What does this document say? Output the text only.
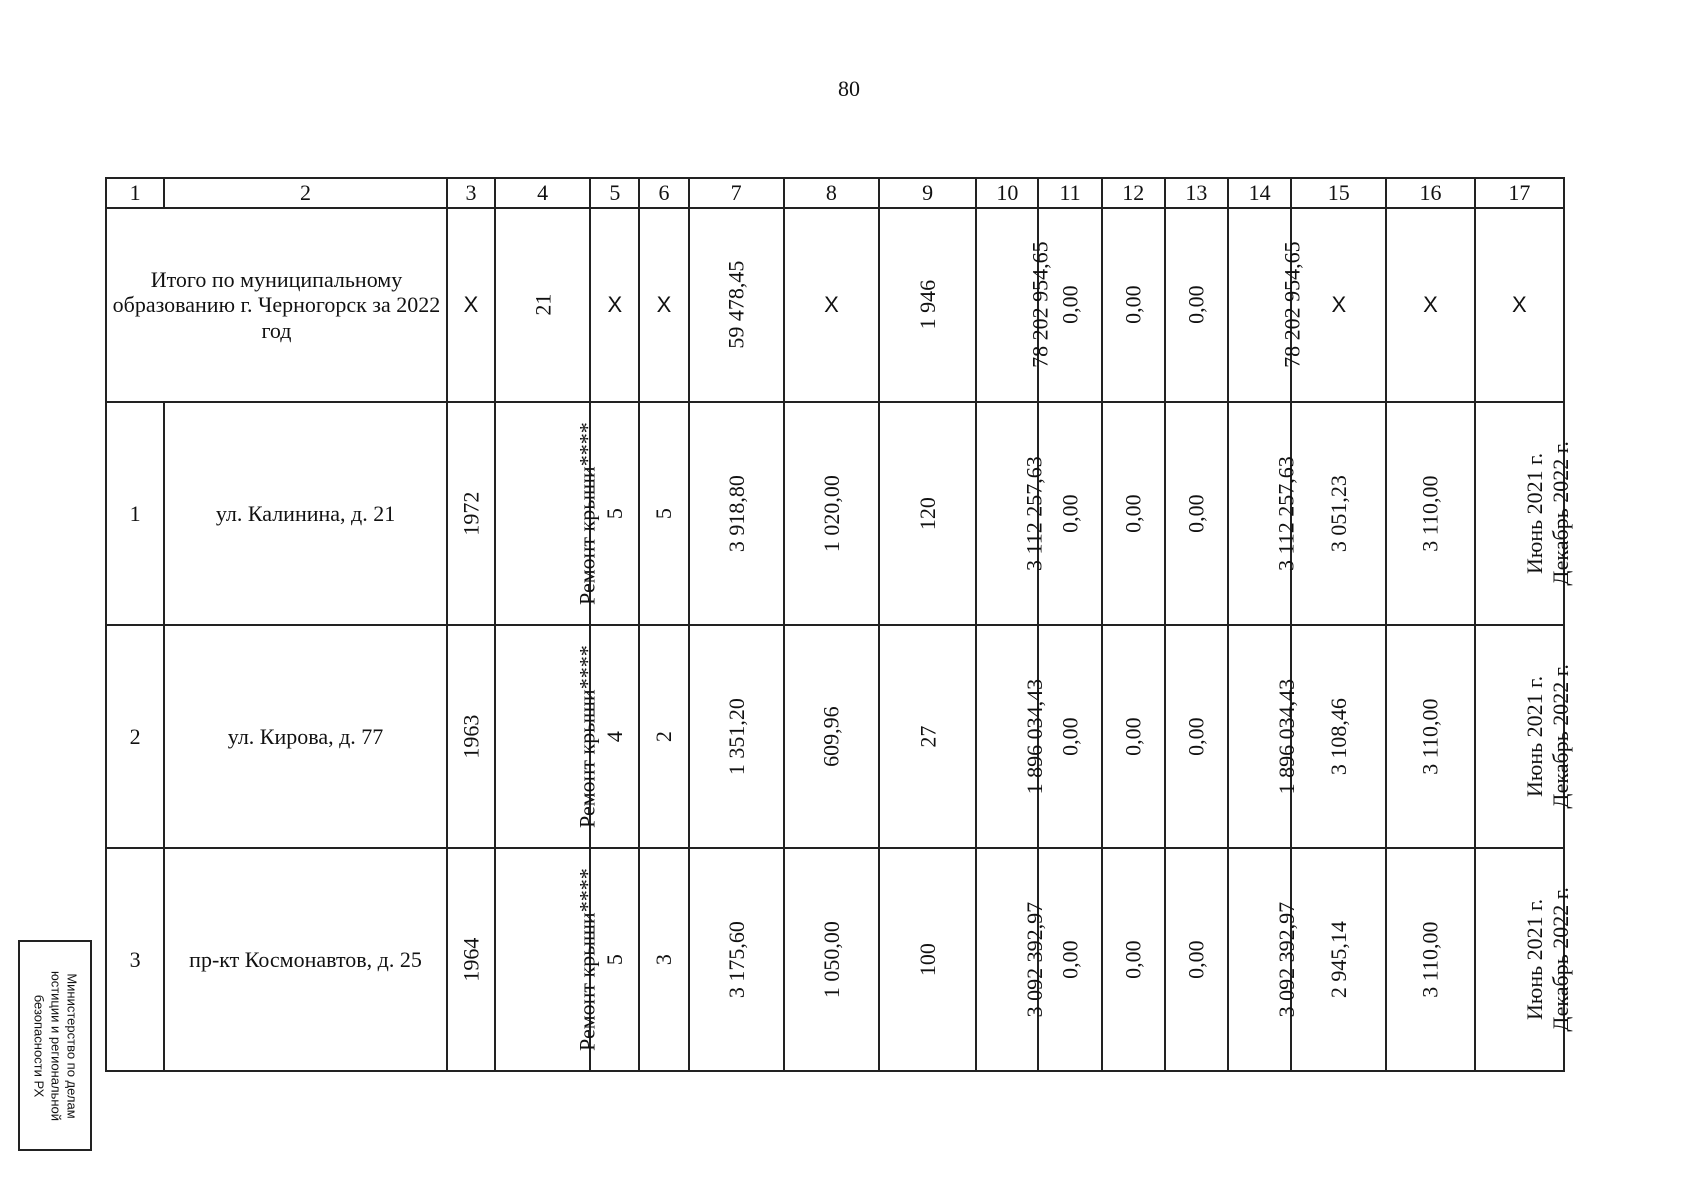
80
1	2	3	4	5	6	7	8	9	10	11	12	13	14	15	16	17
Итого по муниципальному образованию г. Черногорск за 2022 год		X	21	X	X	59 478,45	X	1 946	78 202 954,65	0,00	0,00	0,00	78 202 954,65	X	X	X
1	ул. Калинина, д. 21	1972	Ремонт крыши****	5	5	3 918,80	1 020,00	120	3 112 257,63	0,00	0,00	0,00	3 112 257,63	3 051,23	3 110,00	Июнь 2021 г. Декабрь 2022 г.

2	ул. Кирова, д. 77	1963	Ремонт крыши****	4	2	1 351,20	609,96	27	1 896 034,43	0,00	0,00	0,00	1 896 034,43	3 108,46	3 110,00	Июнь 2021 г. Декабрь 2022 г.

3	пр-кт Космонавтов, д. 25	1964	Ремонт крыши****	5	3	3 175,60	1 050,00	100	3 092 392,97	0,00	0,00	0,00	3 092 392,97	2 945,14	3 110,00	Июнь 2021 г. Декабрь 2022 г.
Министерство по делам юстиции и региональной безопасности РХ
